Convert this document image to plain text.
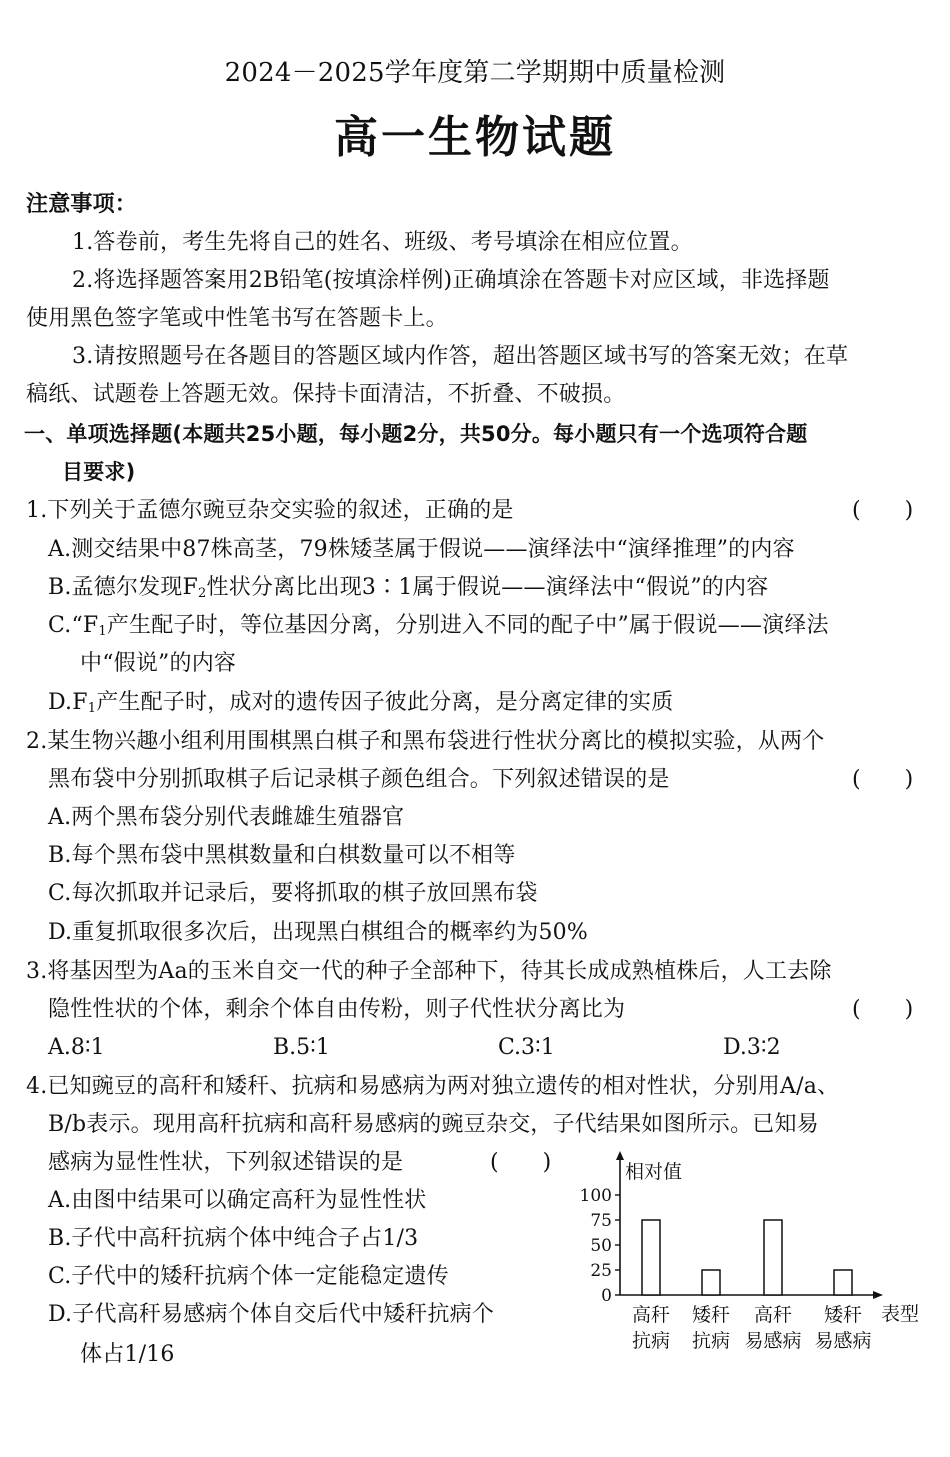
2024－2025学年度第二学期期中质量检测
高一生物试题
注意事项：
1.答卷前，考生先将自己的姓名、班级、考号填涂在相应位置。
2.将选择题答案用2B铅笔(按填涂样例)正确填涂在答题卡对应区域，非选择题
使用黑色签字笔或中性笔书写在答题卡上。
3.请按照题号在各题目的答题区域内作答，超出答题区域书写的答案无效；在草
稿纸、试题卷上答题无效。保持卡面清洁，不折叠、不破损。
一、单项选择题(本题共25小题，每小题2分，共50分。每小题只有一个选项符合题
目要求)
1.下列关于孟德尔豌豆杂交实验的叙述，正确的是	(　　)
A.测交结果中87株高茎，79株矮茎属于假说——演绎法中“演绎推理”的内容
B.孟德尔发现$F_2$性状分离比出现3∶1属于假说——演绎法中“假说”的内容
$C.“F_1$产生配子时，等位基因分离，分别进入不同的配子中”属于假说——演绎法
中“假说”的内容
$D.F_1$产生配子时，成对的遗传因子彼此分离，是分离定律的实质
2.某生物兴趣小组利用围棋黑白棋子和黑布袋进行性状分离比的模拟实验，从两个
黑布袋中分别抓取棋子后记录棋子颜色组合。下列叙述错误的是	(　　)
A.两个黑布袋分别代表雌雄生殖器官
B.每个黑布袋中黑棋数量和白棋数量可以不相等
C.每次抓取并记录后，要将抓取的棋子放回黑布袋
D.重复抓取很多次后，出现黑白棋组合的概率约为50%
3.将基因型为Aa的玉米自交一代的种子全部种下，待其长成成熟植株后，人工去除
隐性性状的个体，剩余个体自由传粉，则子代性状分离比为	(　　)
A.8∶1	B.5∶1	C.3∶1	D.3∶2
4.已知豌豆的高秆和矮秆、抗病和易感病为两对独立遗传的相对性状，分别用A/a、
B/b表示。现用高秆抗病和高秆易感病的豌豆杂交，子代结果如图所示。已知易
感病为显性性状，下列叙述错误的是	(　　)
A.由图中结果可以确定高秆为显性性状
B.子代中高秆抗病个体中纯合子占1/3
C.子代中的矮秆抗病个体一定能稳定遗传
D.子代高秆易感病个体自交后代中矮秆抗病个
体占1/16
相对值
表型
100
75
50
25
0
高秆
抗病
矮秆
抗病
高秆
易感病
矮秆
易感病
